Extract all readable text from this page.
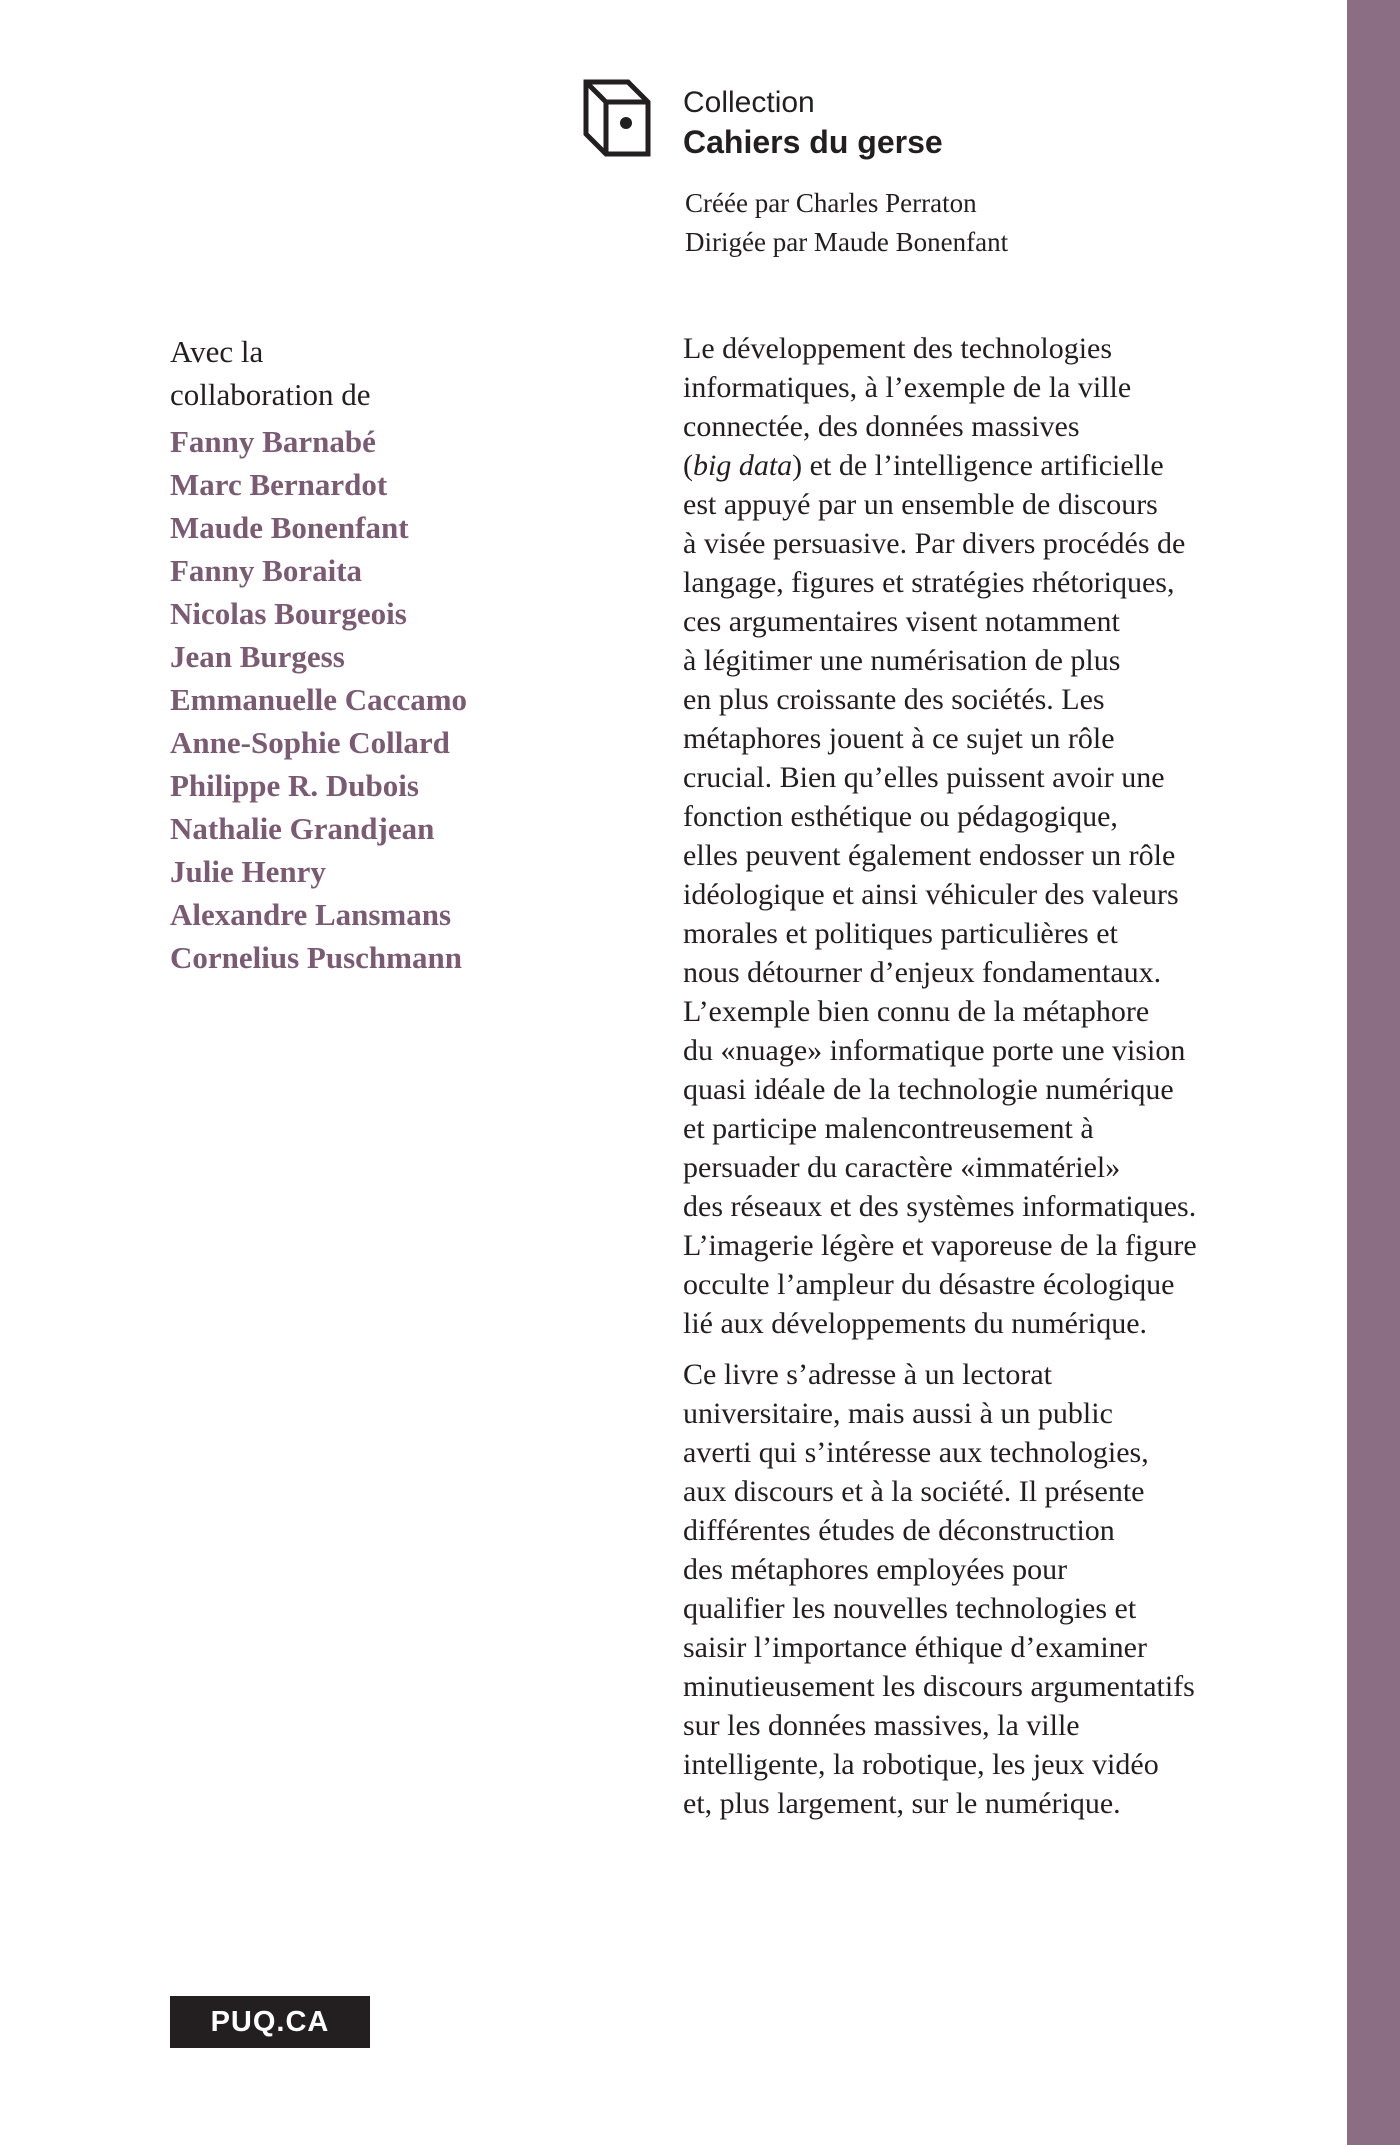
Collection
Cahiers du gerse
Créée par Charles Perraton
Dirigée par Maude Bonenfant
Avec la
collaboration de
Fanny Barnabé
Marc Bernardot
Maude Bonenfant
Fanny Boraita
Nicolas Bourgeois
Jean Burgess
Emmanuelle Caccamo
Anne-Sophie Collard
Philippe R. Dubois
Nathalie Grandjean
Julie Henry
Alexandre Lansmans
Cornelius Puschmann

Le développement des technologies
informatiques, à l’exemple de la ville
connectée, des données massives
(big data) et de l’intelligence artificielle
est appuyé par un ensemble de discours
à visée persuasive. Par divers procédés de
langage, figures et stratégies rhétoriques,
ces argumentaires visent notamment
à légitimer une numérisation de plus
en plus croissante des sociétés. Les
métaphores jouent à ce sujet un rôle
crucial. Bien qu’elles puissent avoir une
fonction esthétique ou pédagogique,
elles peuvent également endosser un rôle
idéologique et ainsi véhiculer des valeurs
morales et politiques particulières et
nous détourner d’enjeux fondamentaux.
L’exemple bien connu de la métaphore
du «nuage» informatique porte une vision
quasi idéale de la technologie numérique
et participe malencontreusement à
persuader du caractère «immatériel»
des réseaux et des systèmes informatiques.
L’imagerie légère et vaporeuse de la figure
occulte l’ampleur du désastre écologique
lié aux développements du numérique.

Ce livre s’adresse à un lectorat
universitaire, mais aussi à un public
averti qui s’intéresse aux technologies,
aux discours et à la société. Il présente
différentes études de déconstruction
des métaphores employées pour
qualifier les nouvelles technologies et
saisir l’importance éthique d’examiner
minutieusement les discours argumentatifs
sur les données massives, la ville
intelligente, la robotique, les jeux vidéo
et, plus largement, sur le numérique.

PUQ.CA
